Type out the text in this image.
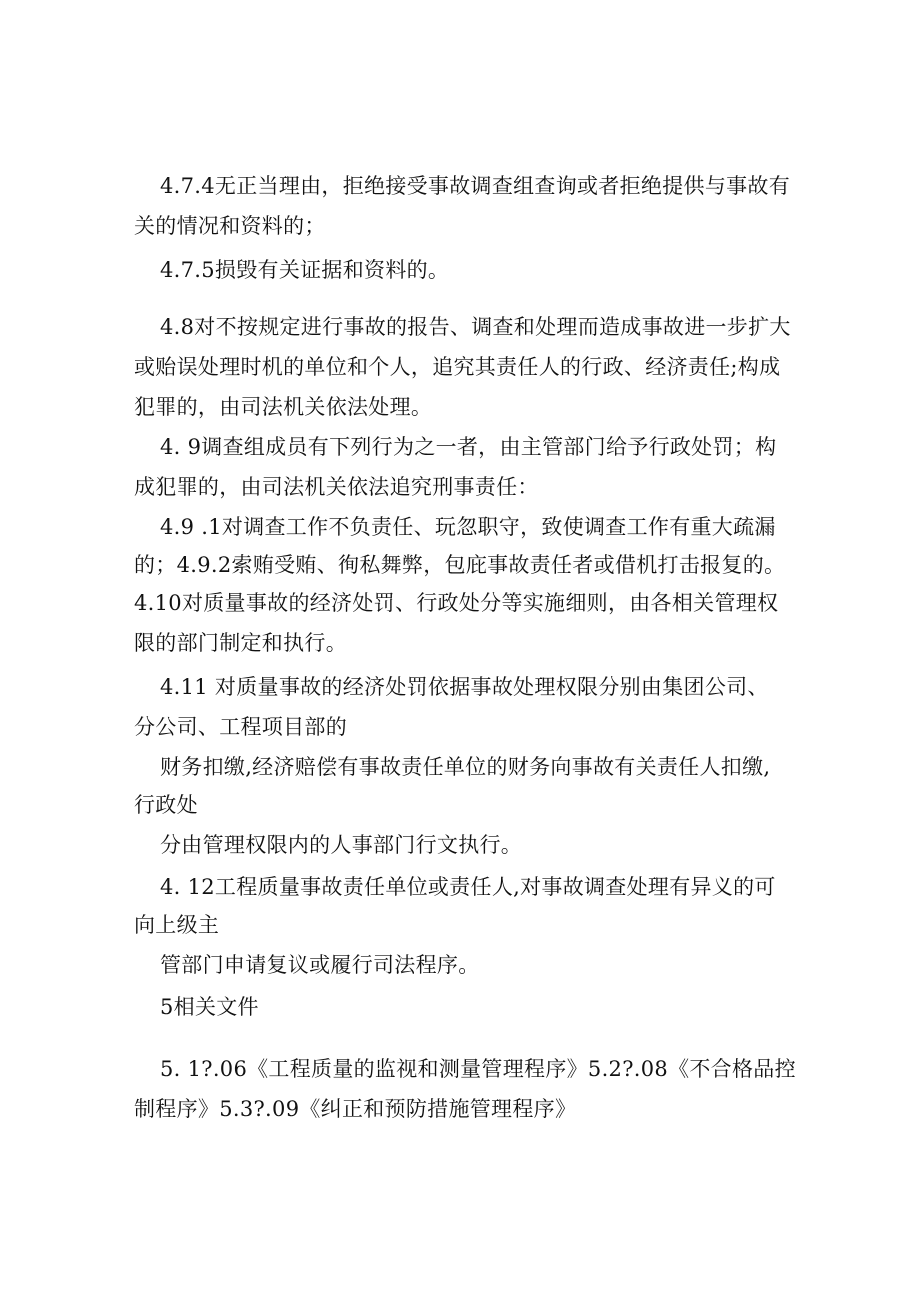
4.7.4无正当理由，拒绝接受事故调查组查询或者拒绝提供与事故有
关的情况和资料的；
4.7.5损毁有关证据和资料的。
4.8对不按规定进行事故的报告、调查和处理而造成事故进一步扩大
或贻误处理时机的单位和个人，追究其责任人的行政、经济责任;构成
犯罪的，由司法机关依法处理。
4. 9调查组成员有下列行为之一者，由主管部门给予行政处罚；构
成犯罪的，由司法机关依法追究刑事责任：
4.9 .1对调查工作不负责任、玩忽职守，致使调查工作有重大疏漏
的；4.9.2索贿受贿、徇私舞弊，包庇事故责任者或借机打击报复的。
4.10对质量事故的经济处罚、行政处分等实施细则，由各相关管理权
限的部门制定和执行。
4.11 对质量事故的经济处罚依据事故处理权限分别由集团公司、
分公司、工程项目部的
财务扣缴,经济赔偿有事故责任单位的财务向事故有关责任人扣缴,
行政处
分由管理权限内的人事部门行文执行。
4. 12工程质量事故责任单位或责任人,对事故调查处理有异义的可
向上级主
管部门申请复议或履行司法程序。
5相关文件
5. 1?.06《工程质量的监视和测量管理程序》5.2?.08《不合格品控
制程序》5.3?.09《纠正和预防措施管理程序》
